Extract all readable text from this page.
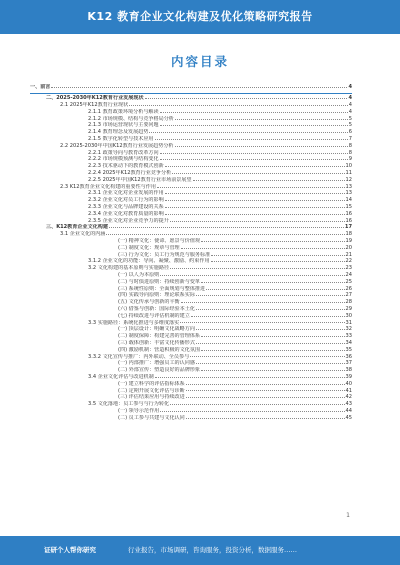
K12 教育企业文化构建及优化策略研究报告
内容目录
一、前言	4
二、2025-2030年K12教育行业发展现状	4
2.1 2025年K12教育行业现状	4
2.1.1 教育政策环境分析与解读	4
2.1.2 市场规模、结构与竞争格局分析	5
2.1.3 市场运营现状与主要问题	5
2.1.4 教育理念及发展趋势	6
2.1.5 数字化转型与技术应用	7
2.2 2025-2030年中国K12教育行业发展趋势分析	8
2.2.1 政策导向与教育改革方向	8
2.2.2 市场规模预测与结构变化	9
2.2.3 技术驱动下的教育模式创新	10
2.2.4 2025年K12教育行业竞争分析	11
2.2.5 2025年中国K12教育行业市场前景展望	12
2.3 K12教育企业文化构建的重要性与作用	13
2.3.1 企业文化对企业发展的作用	13
2.3.2 企业文化对员工行为的影响	14
2.3.3 企业文化与品牌建设的关系	15
2.3.4 企业文化对教育质量的影响	16
2.3.5 企业文化对企业竞争力的提升	16
三、K12教育企业文化构建	17
3.1 企业文化的内涵	18
(一) 精神文化：使命、愿景与价值观	19
(二) 制度文化：规章与管理	20
(三) 行为文化：员工行为规范与服务标准	21
3.1.2 企业文化的功能：导向、凝聚、激励、约束作用	22
3.2 文化构建的基本原则与实施路径	23
(一) 以人为本原则	24
(二) 与时俱进原则：持续创新与变革	25
(三) 系统性原则：全面规划与整体推进	26
(四) 实践导向原则：理论联系实际	27
(五) 文化传承与创新的平衡	28
(六) 借鉴与创新：国际经验本土化	29
(七) 持续改进与评估机制的建立	30
3.3 实施路径：系统化推进与多维度落实	31
(一) 顶层设计：明确文化战略方向	32
(二) 制度保障：构建完善的管理体系	33
(三) 载体创新：丰富文化传播形式	34
(四) 激励机制：营造积极的文化氛围	35
3.3.2 文化宣传与推广：内外联动、全员参与	36
(一) 内部推广：增强员工的认同感	37
(二) 外部宣传：塑造良好的品牌形象	38
3.4 企业文化评估与改进机制	39
(一) 建立科学的评估指标体系	40
(二) 定期开展文化评估与诊断	41
(三) 评估结果应用与持续改进	42
3.5 文化落地：员工参与与行为转化	43
(一) 领导示范作用	44
(二) 员工参与共建与文化认同	45
1
证研个人帮你研究	行业报告，市场调研，咨询服务，投资分析，数据服务……
